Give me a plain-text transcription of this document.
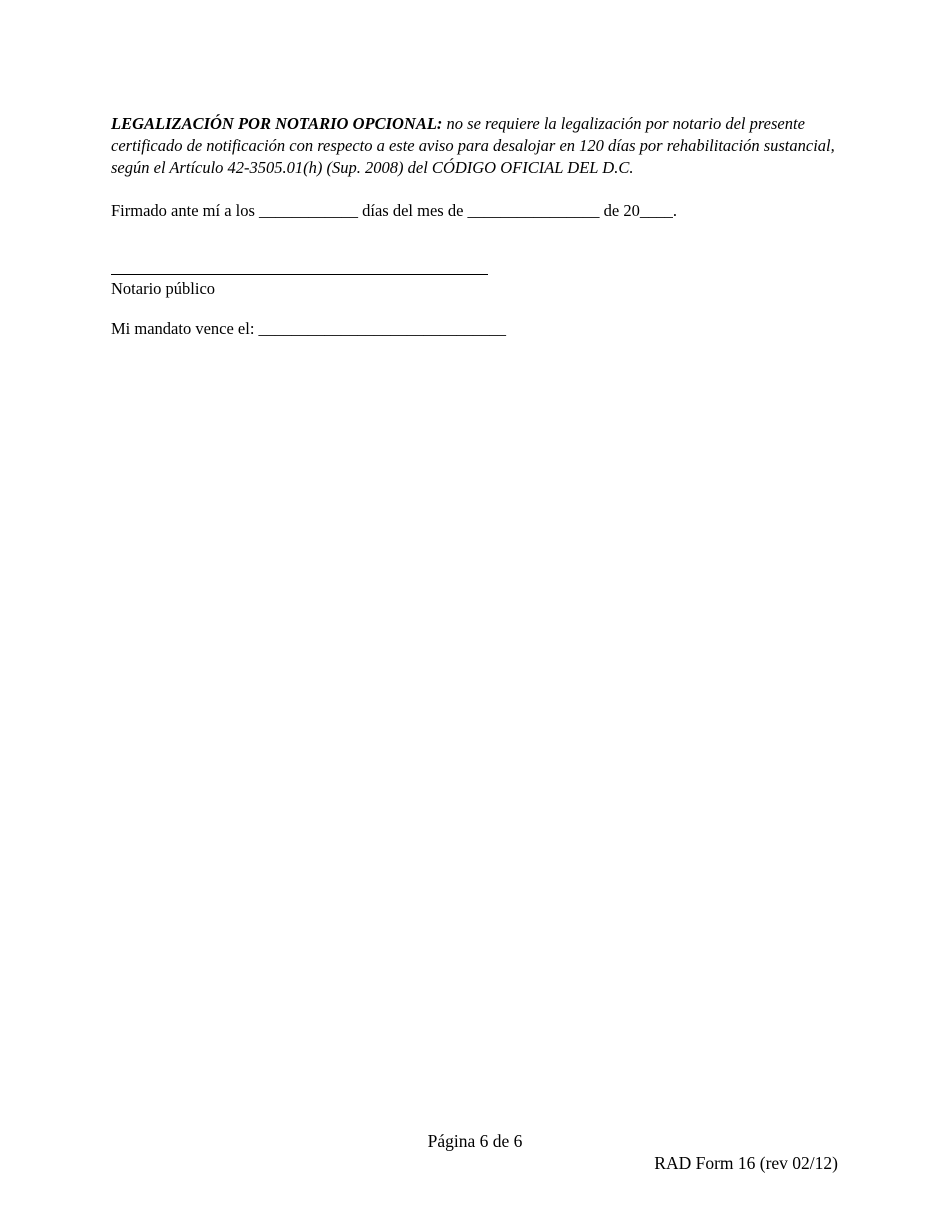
LEGALIZACIÓN POR NOTARIO OPCIONAL: no se requiere la legalización por notario del presente certificado de notificación con respecto a este aviso para desalojar en 120 días por rehabilitación sustancial, según el Artículo 42-3505.01(h) (Sup. 2008) del CÓDIGO OFICIAL DEL D.C.

Firmado ante mí a los ____________ días del mes de ________________ de 20____.

Notario público

Mi mandato vence el: ______________________________

Página 6 de 6

RAD Form 16 (rev 02/12)
